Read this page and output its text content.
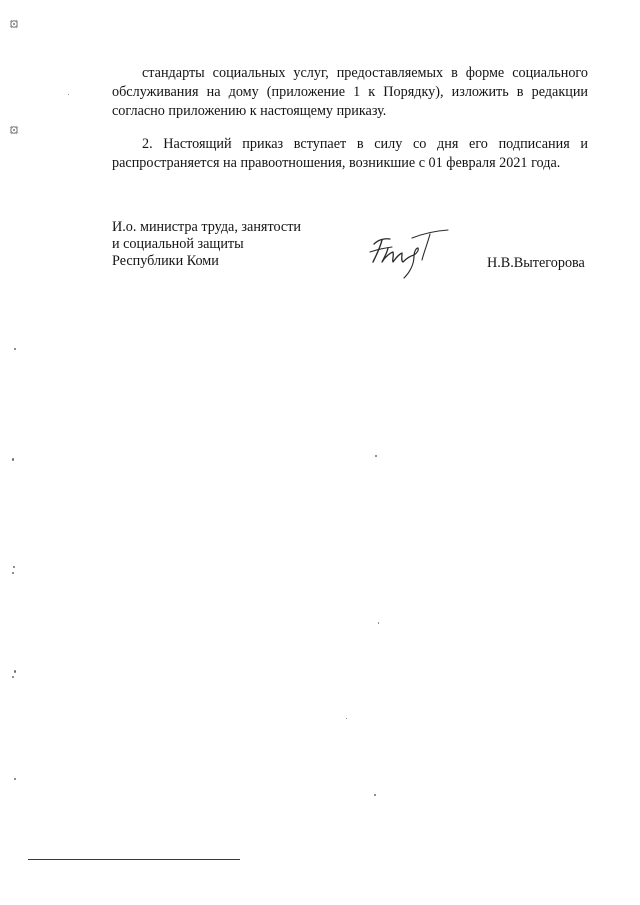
стандарты социальных услуг, предоставляемых в форме социального обслуживания на дому (приложение 1 к Порядку), изложить в редакции согласно приложению к настоящему приказу.

2. Настоящий приказ вступает в силу со дня его подписания и распространяется на правоотношения, возникшие с 01 февраля 2021 года.

И.о. министра труда, занятости
и социальной защиты
Республики Коми	Н.В.Вытегорова
